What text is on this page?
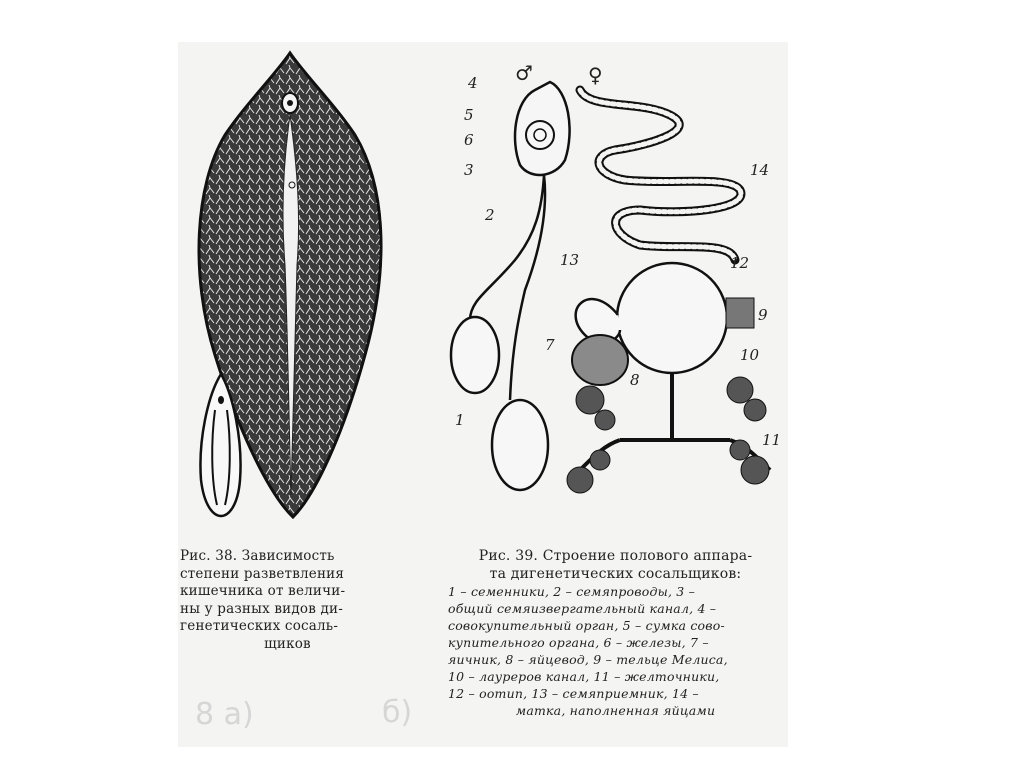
♂	♀
4
5
6
3
2
1
13
7
8
12
14
9
10
11
Рис. 38. Зависимость
степени разветвления
кишечника от величи-
ны у разных видов ди-
генетических сосаль-
щиков
Рис. 39. Строение полового аппара-
та дигенетических сосальщиков:
1 – семенники, 2 – семяпроводы, 3 –
общий семяизвергательный канал, 4 –
совокупительный орган, 5 – сумка сово-
купительного органа, 6 – железы, 7 –
яичник, 8 – яйцевод, 9 – тельце Мелиса,
10 – лауреров канал, 11 – желточники,
12 – оотип, 13 – семяприемник, 14 –
матка, наполненная яйцами
8 а)	б)
